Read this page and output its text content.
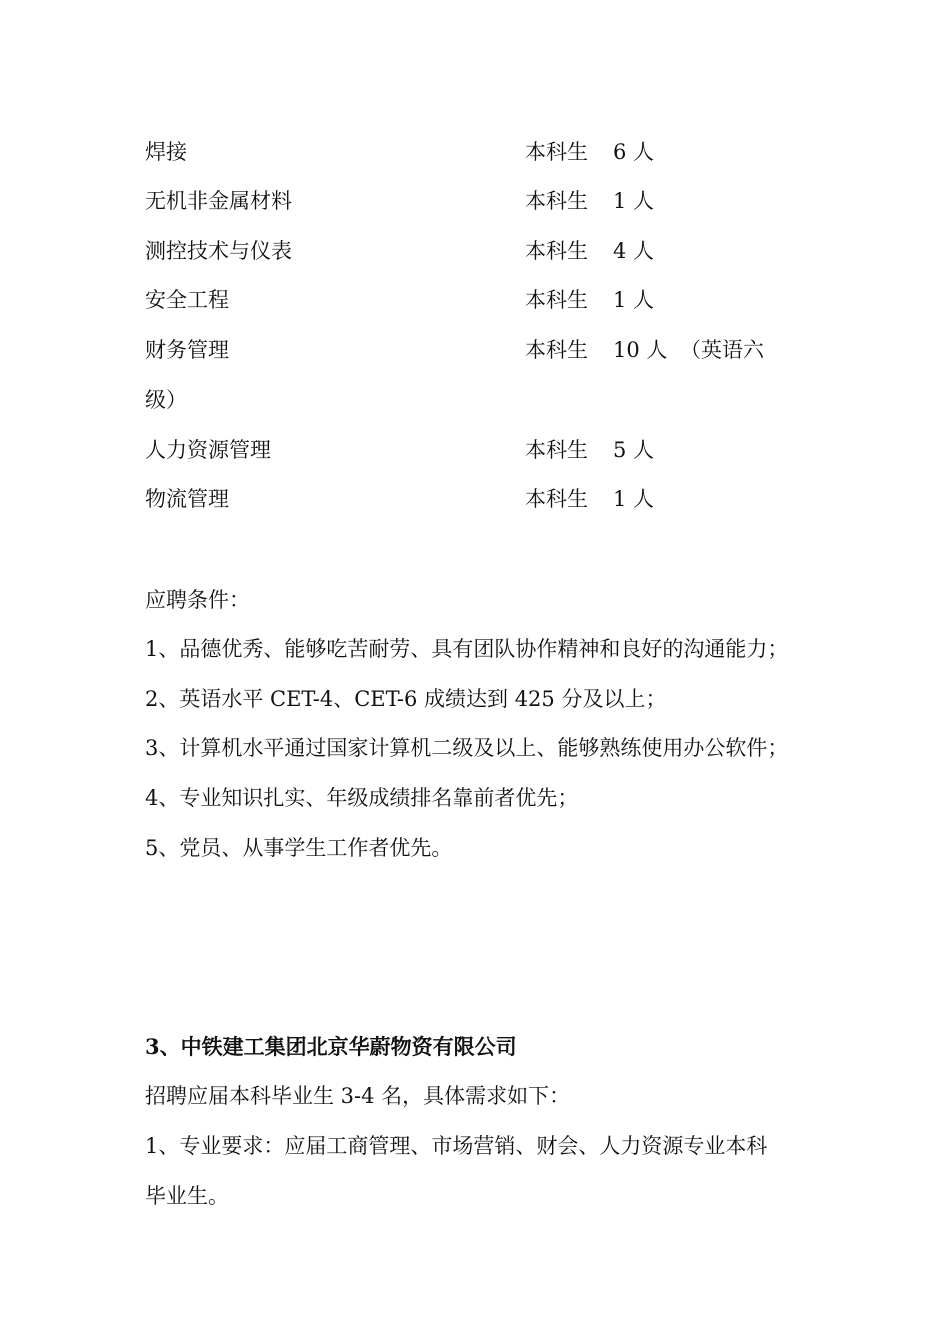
焊接	本科生 6 人
无机非金属材料	本科生 1 人
测控技术与仪表	本科生 4 人
安全工程	本科生 1 人
财务管理	本科生 10 人 （英语六
级）
人力资源管理	本科生 5 人
物流管理	本科生 1 人
应聘条件：
1、品德优秀、能够吃苦耐劳、具有团队协作精神和良好的沟通能力；
2、英语水平 CET-4、CET-6 成绩达到 425 分及以上；
3、计算机水平通过国家计算机二级及以上、能够熟练使用办公软件；
4、专业知识扎实、年级成绩排名靠前者优先；
5、党员、从事学生工作者优先。
3、中铁建工集团北京华蔚物资有限公司
招聘应届本科毕业生 3-4 名，具体需求如下：
1、专业要求：应届工商管理、市场营销、财会、人力资源专业本科
毕业生。
